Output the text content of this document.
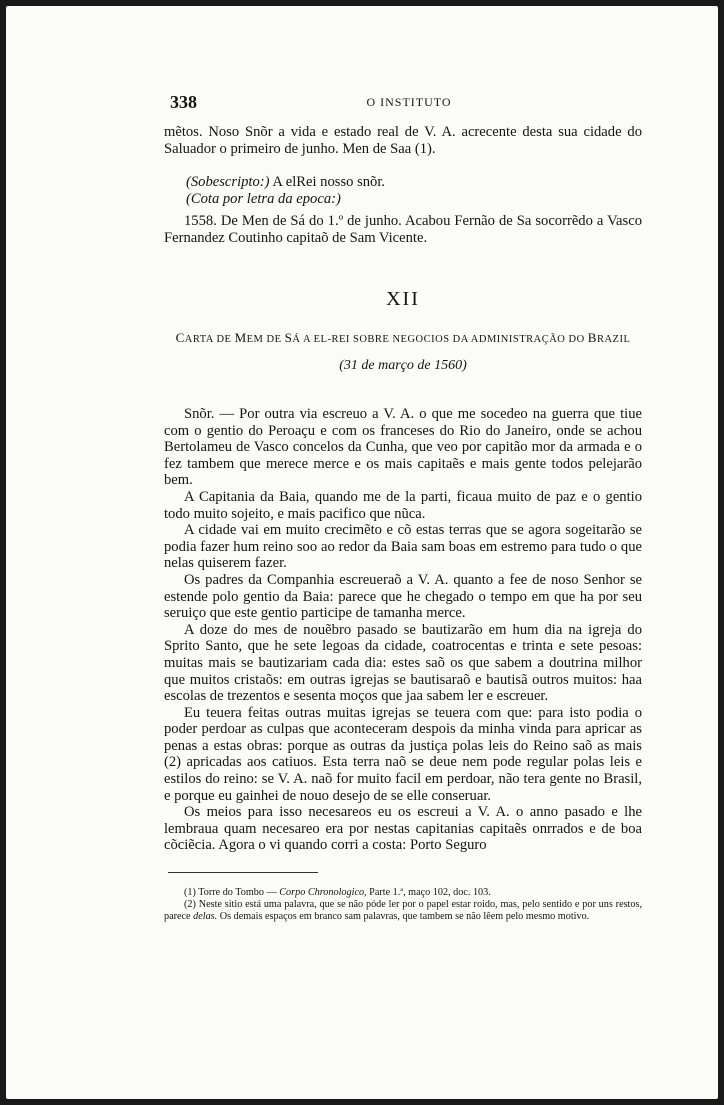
338	O INSTITUTO

mẽtos. Noso Snõr a vida e estado real de V. A. acrecente desta sua cidade do Saluador o primeiro de junho. Men de Saa (1).

(Sobescripto:) A elRei nosso snõr.

(Cota por letra da epoca:)

1558. De Men de Sá do 1.º de junho. Acabou Fernão de Sa socorrẽdo a Vasco Fernandez Coutinho capitaõ de Sam Vicente.

XII
CARTA DE MEM DE SÁ A EL-REI SOBRE NEGOCIOS DA ADMINISTRAÇÃO DO BRAZIL
(31 de março de 1560)

Snõr. — Por outra via escreuo a V. A. o que me socedeo na guerra que tiue com o gentio do Peroaçu e com os franceses do Rio do Janeiro, onde se achou Bertolameu de Vasco concelos da Cunha, que veo por capitão mor da armada e o fez tambem que merece merce e os mais capitaẽs e mais gente todos pelejarão bem.

A Capitania da Baia, quando me de la parti, ficaua muito de paz e o gentio todo muito sojeito, e mais pacifico que nũca.

A cidade vai em muito crecimẽto e cõ estas terras que se agora sogeitarão se podia fazer hum reino soo ao redor da Baia sam boas em estremo para tudo o que nelas quiserem fazer.

Os padres da Companhia escreueraõ a V. A. quanto a fee de noso Senhor se estende polo gentio da Baia: parece que he chegado o tempo em que ha por seu seruiço que este gentio participe de tamanha merce.

A doze do mes de nouẽbro pasado se bautizarão em hum dia na igreja do Sprito Santo, que he sete legoas da cidade, coatrocentas e trinta e sete pesoas: muitas mais se bautizariam cada dia: estes saõ os que sabem a doutrina milhor que muitos cristaõs: em outras igrejas se bautisaraõ e bautisã outros muitos: haa escolas de trezentos e sesenta moços que jaa sabem ler e escreuer.

Eu teuera feitas outras muitas igrejas se teuera com que: para isto podia o poder perdoar as culpas que aconteceram despois da minha vinda para apricar as penas a estas obras: porque as outras da justiça polas leis do Reino saõ as mais (2) apricadas aos catiuos. Esta terra naõ se deue nem pode regular polas leis e estilos do reino: se V. A. naõ for muito facil em perdoar, não tera gente no Brasil, e porque eu gainhei de nouo desejo de se elle conseruar.

Os meios para isso necesareos eu os escreui a V. A. o anno pasado e lhe lembraua quam necesareo era por nestas capitanias capitaẽs onrrados e de boa cõciẽcia. Agora o vi quando corri a costa: Porto Seguro

(1) Torre do Tombo — Corpo Chronologico, Parte 1.ª, maço 102, doc. 103.

(2) Neste sitio está uma palavra, que se não póde ler por o papel estar roido, mas, pelo sentido e por uns restos, parece delas. Os demais espaços em branco sam palavras, que tambem se não lêem pelo mesmo motivo.
